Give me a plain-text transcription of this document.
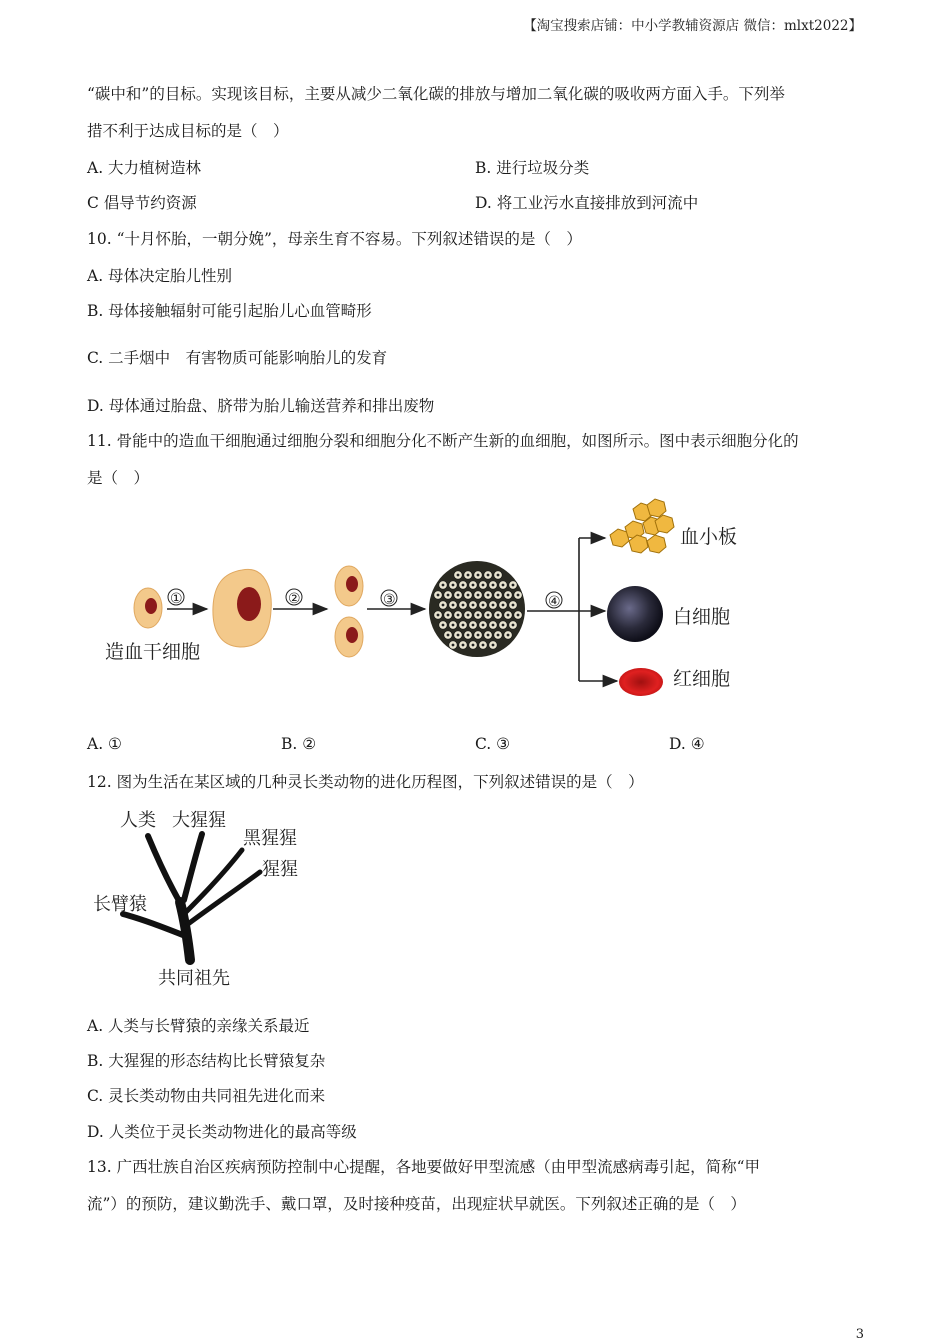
【淘宝搜索店铺：中小学教辅资源店 微信：mlxt2022】
“碳中和”的目标。实现该目标，主要从减少二氧化碳的排放与增加二氧化碳的吸收两方面入手。下列举
措不利于达成目标的是（　）
A. 大力植树造林	B. 进行垃圾分类
C 倡导节约资源	D. 将工业污水直接排放到河流中
10. “十月怀胎，一朝分娩”，母亲生育不容易。下列叙述错误的是（　）
A. 母体决定胎儿性别
B. 母体接触辐射可能引起胎儿心血管畸形
C. 二手烟中　有害物质可能影响胎儿的发育
D. 母体通过胎盘、脐带为胎儿输送营养和排出废物
11. 骨能中的造血干细胞通过细胞分裂和细胞分化不断产生新的血细胞，如图所示。图中表示细胞分化的
是（　）
造血干细胞
①	②	③	④
血小板
白细胞
红细胞
A. ①	B. ②	C. ③	D. ④
12. 图为生活在某区域的几种灵长类动物的进化历程图，下列叙述错误的是（　）
人类 大猩猩
黑猩猩
猩猩
长臂猿
共同祖先
A. 人类与长臂猿的亲缘关系最近
B. 大猩猩的形态结构比长臂猿复杂
C. 灵长类动物由共同祖先进化而来
D. 人类位于灵长类动物进化的最高等级
13. 广西壮族自治区疾病预防控制中心提醒，各地要做好甲型流感（由甲型流感病毒引起，简称“甲
流”）的预防，建议勤洗手、戴口罩，及时接种疫苗，出现症状早就医。下列叙述正确的是（　）
3
